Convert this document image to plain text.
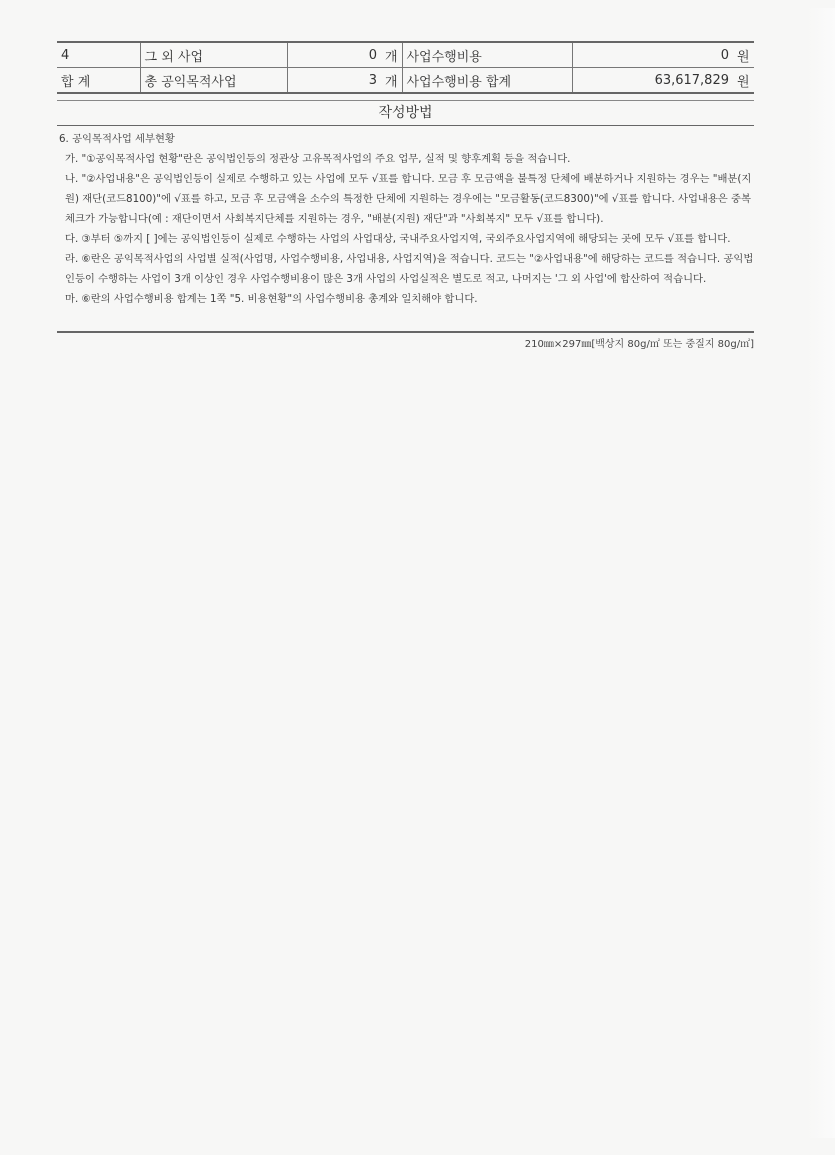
4	그 외 사업	0	개	사업수행비용	0	원
합 계	총 공익목적사업	3	개	사업수행비용 합계	63,617,829	원
작성방법

6. 공익목적사업 세부현황

가. "①공익목적사업 현황"란은 공익법인등의 정관상 고유목적사업의 주요 업무, 실적 및 향후계획 등을 적습니다.

나. "②사업내용"은 공익법인등이 실제로 수행하고 있는 사업에 모두 √표를 합니다. 모금 후 모금액을 불특정 단체에 배분하거나 지원하는 경우는 "배분(지원) 재단(코드8100)"에 √표를 하고, 모금 후 모금액을 소수의 특정한 단체에 지원하는 경우에는 "모금활동(코드8300)"에 √표를 합니다. 사업내용은 중복체크가 가능합니다(예 : 재단이면서 사회복지단체를 지원하는 경우, "배분(지원) 재단"과 "사회복지" 모두 √표를 합니다).

다. ③부터 ⑤까지 [ ]에는 공익법인등이 실제로 수행하는 사업의 사업대상, 국내주요사업지역, 국외주요사업지역에 해당되는 곳에 모두 √표를 합니다.

라. ⑥란은 공익목적사업의 사업별 실적(사업명, 사업수행비용, 사업내용, 사업지역)을 적습니다. 코드는 "②사업내용"에 해당하는 코드를 적습니다. 공익법인등이 수행하는 사업이 3개 이상인 경우 사업수행비용이 많은 3개 사업의 사업실적은 별도로 적고, 나머지는 '그 외 사업'에 합산하여 적습니다.

마. ⑥란의 사업수행비용 합계는 1쪽 "5. 비용현황"의 사업수행비용 총계와 일치해야 합니다.

210㎜×297㎜[백상지 80g/㎡ 또는 중질지 80g/㎡]
